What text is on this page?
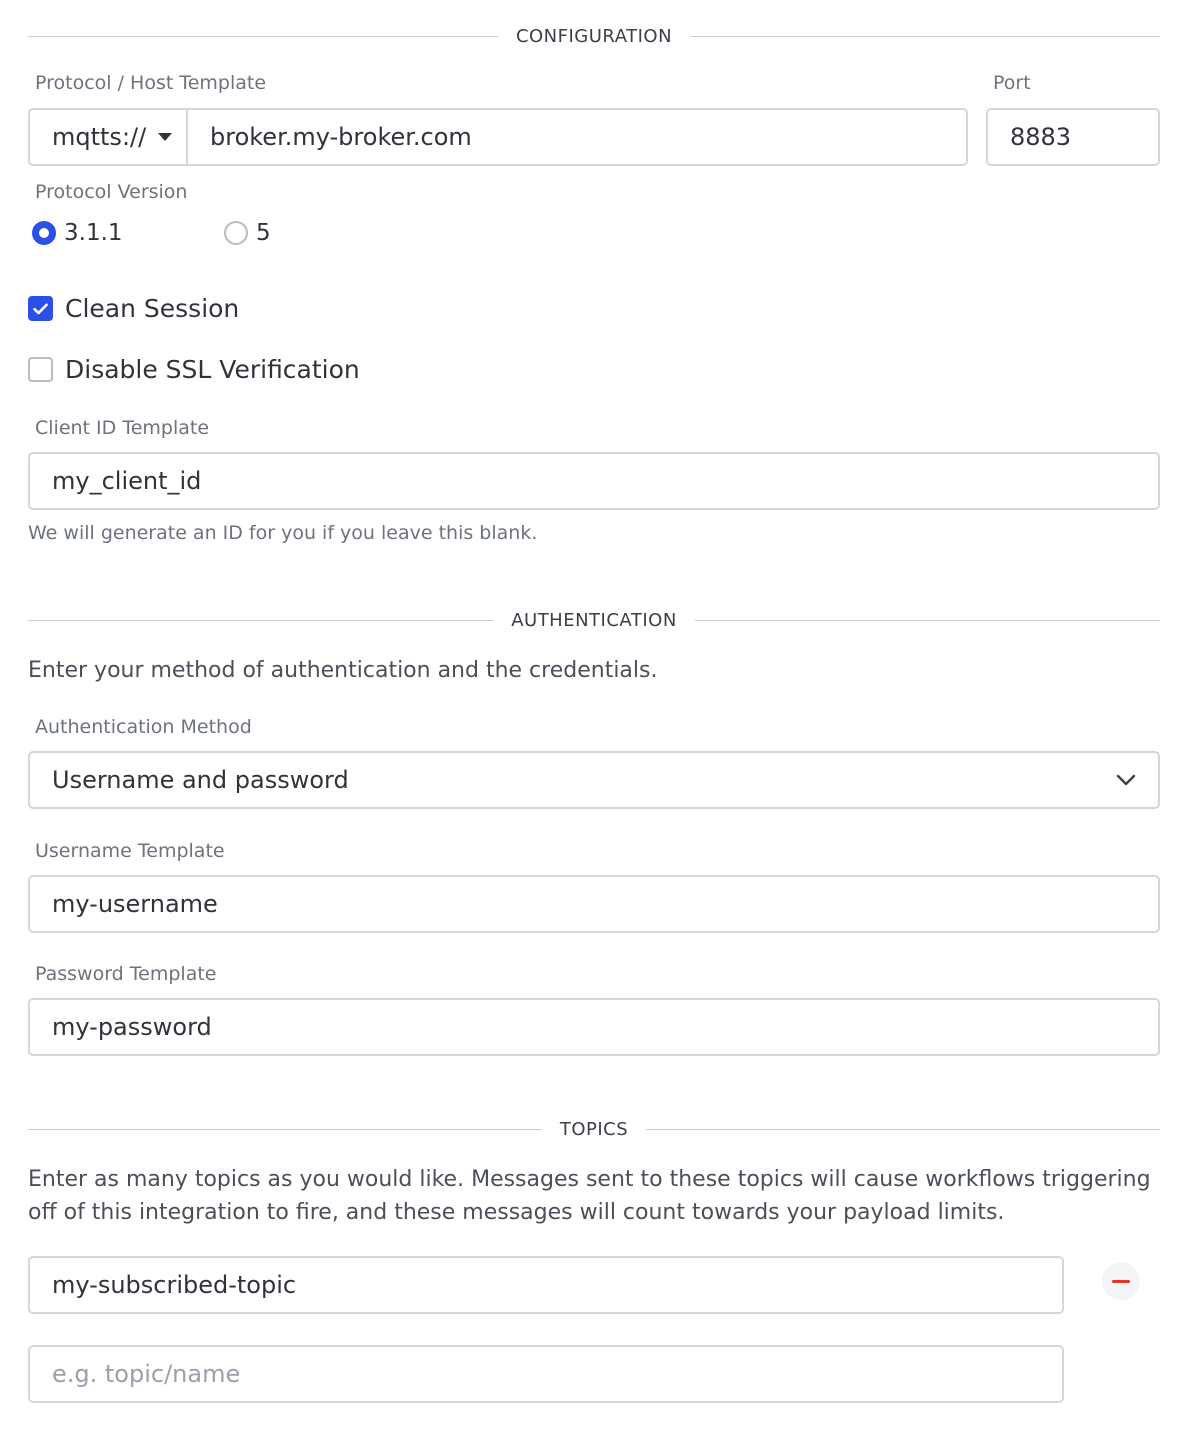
CONFIGURATION
Protocol / Host Template	Port
mqtts://	broker.my-broker.com	8883
Protocol Version
3.1.1	5
Clean Session
Disable SSL Verification
Client ID Template
my_client_id
We will generate an ID for you if you leave this blank.
AUTHENTICATION
Enter your method of authentication and the credentials.
Authentication Method
Username and password
Username Template
my-username
Password Template
my-password
TOPICS
Enter as many topics as you would like. Messages sent to these topics will cause workflows triggering off of this integration to fire, and these messages will count towards your payload limits.
my-subscribed-topic
e.g. topic/name
